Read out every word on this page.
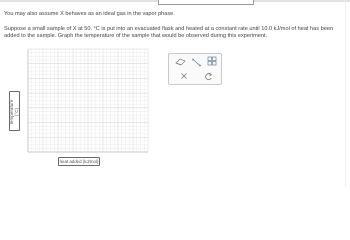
You may also assume X behaves as an ideal gas in the vapor phase.
Suppose a small sample of X at 50. °C is put into an evacuated flask and heated at a constant rate until 10.0 kJ/mol of heat has been added to the sample. Graph the temperature of the sample that would be observed during this experiment.
temperature (°C)
heat added (kJ/mol)
